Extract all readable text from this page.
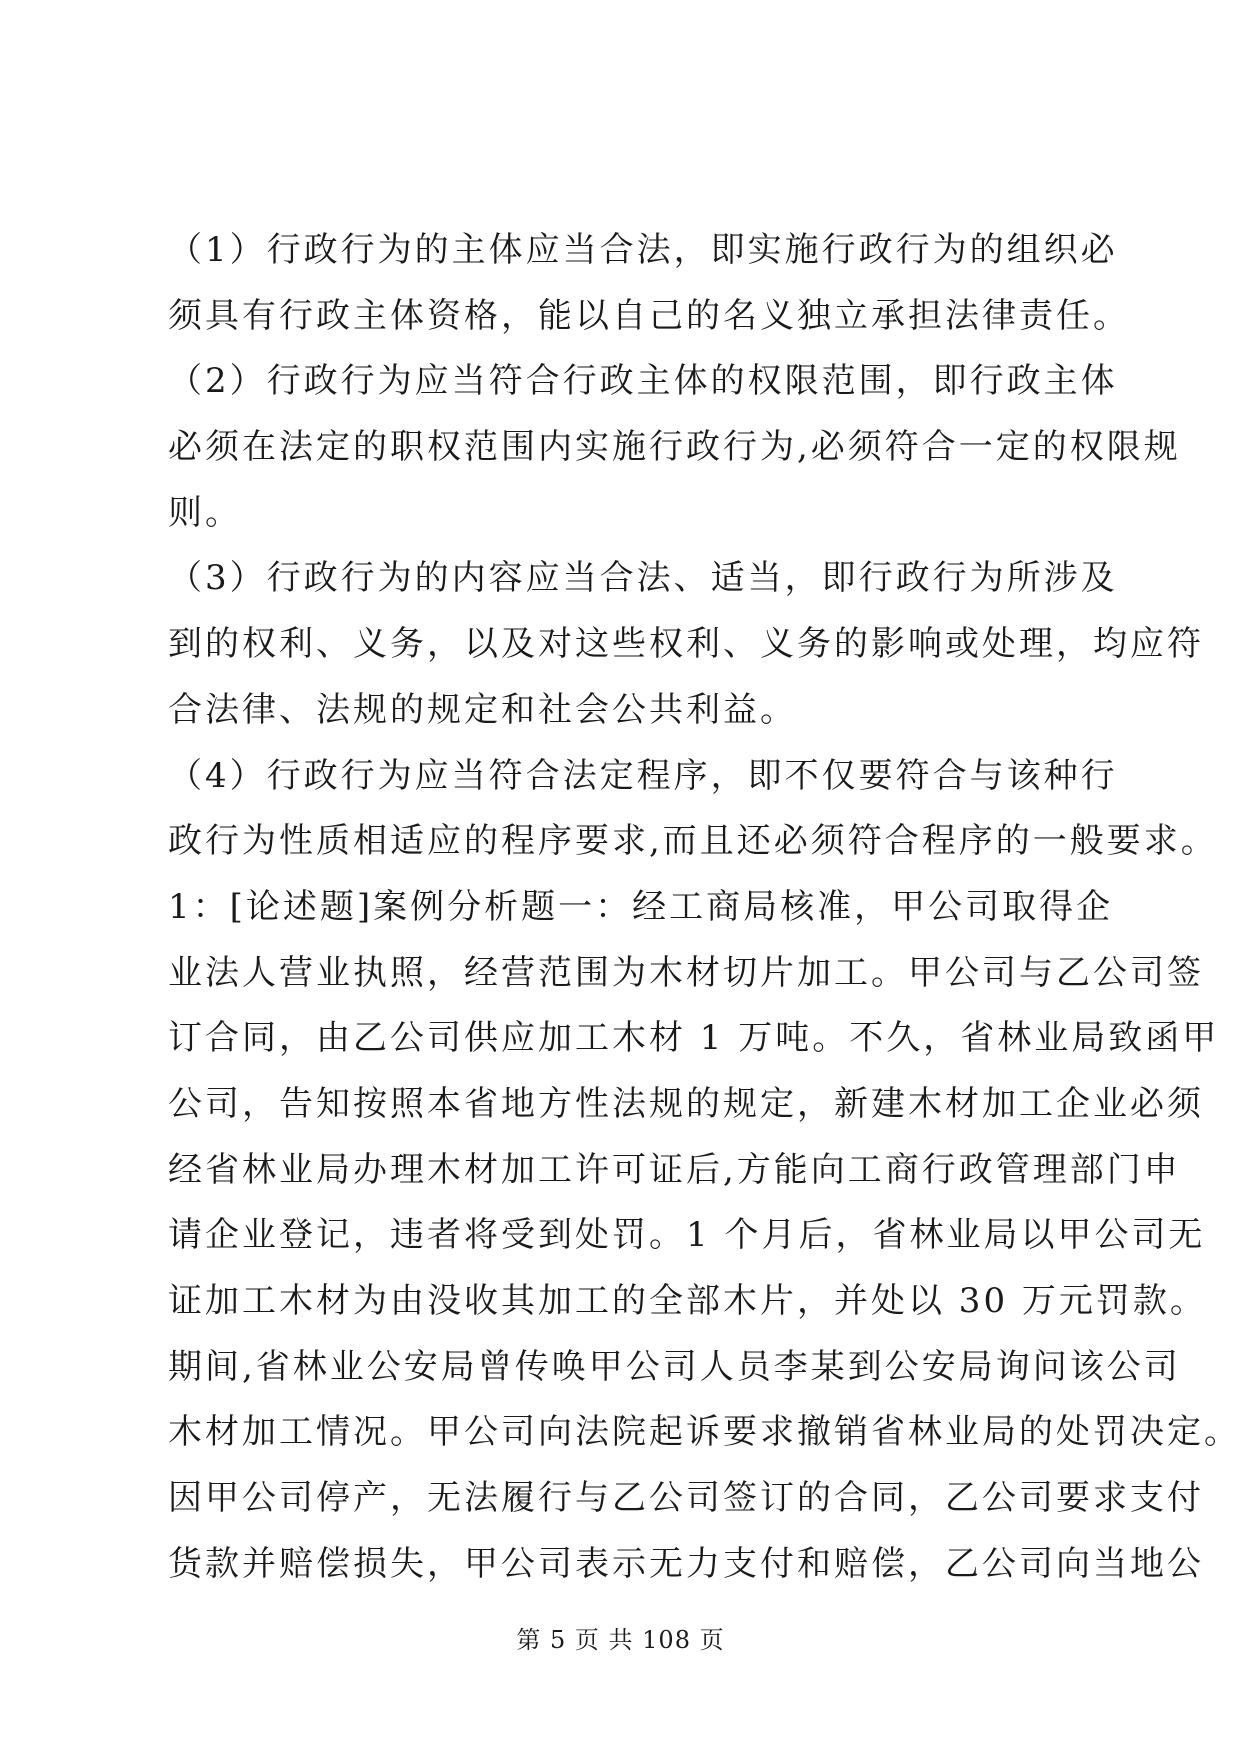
（1）行政行为的主体应当合法，即实施行政行为的组织必
须具有行政主体资格，能以自己的名义独立承担法律责任。
（2）行政行为应当符合行政主体的权限范围，即行政主体
必须在法定的职权范围内实施行政行为,必须符合一定的权限规
则。
（3）行政行为的内容应当合法、适当，即行政行为所涉及
到的权利、义务，以及对这些权利、义务的影响或处理，均应符
合法律、法规的规定和社会公共利益。
（4）行政行为应当符合法定程序，即不仅要符合与该种行
政行为性质相适应的程序要求,而且还必须符合程序的一般要求。
1：[论述题]案例分析题一：经工商局核准，甲公司取得企
业法人营业执照，经营范围为木材切片加工。甲公司与乙公司签
订合同，由乙公司供应加工木材 1 万吨。不久，省林业局致函甲
公司，告知按照本省地方性法规的规定，新建木材加工企业必须
经省林业局办理木材加工许可证后,方能向工商行政管理部门申
请企业登记，违者将受到处罚。1 个月后，省林业局以甲公司无
证加工木材为由没收其加工的全部木片，并处以 30 万元罚款。
期间,省林业公安局曾传唤甲公司人员李某到公安局询问该公司
木材加工情况。甲公司向法院起诉要求撤销省林业局的处罚决定。
因甲公司停产，无法履行与乙公司签订的合同，乙公司要求支付
货款并赔偿损失，甲公司表示无力支付和赔偿，乙公司向当地公
第 5 页 共 108 页
